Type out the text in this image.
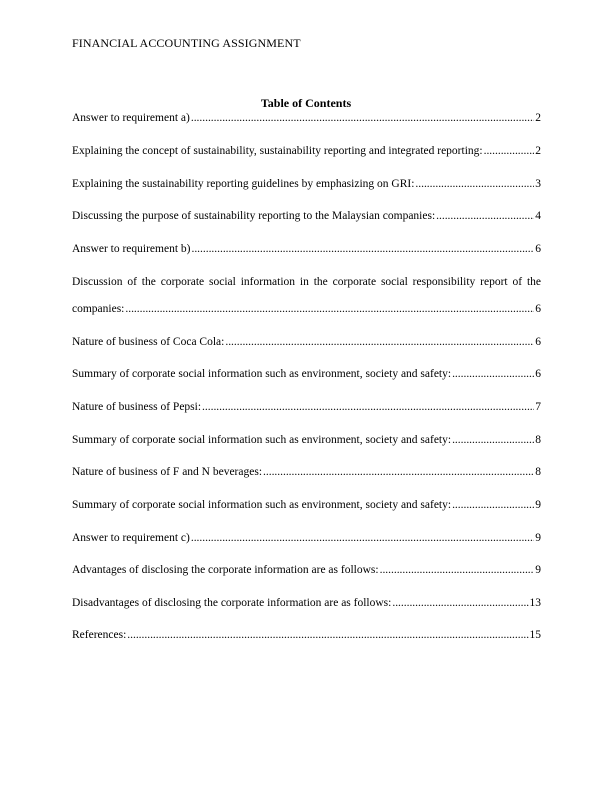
FINANCIAL ACCOUNTING ASSIGNMENT
Table of Contents
Answer to requirement a) . . .	2
Explaining the concept of sustainability, sustainability reporting and integrated reporting: . . .	2
Explaining the sustainability reporting guidelines by emphasizing on GRI: . . .	3
Discussing the purpose of sustainability reporting to the Malaysian companies: . . .	4
Answer to requirement b) . . .	6
Discussion of the corporate social information in the corporate social responsibility report of the
companies: . . .	6
Nature of business of Coca Cola: . . .	6
Summary of corporate social information such as environment, society and safety: . . .	6
Nature of business of Pepsi: . . .	7
Summary of corporate social information such as environment, society and safety: . . .	8
Nature of business of F and N beverages: . . .	8
Summary of corporate social information such as environment, society and safety: . . .	9
Answer to requirement c) . . .	9
Advantages of disclosing the corporate information are as follows: . . .	9
Disadvantages of disclosing the corporate information are as follows: . . .	13
References: . . .	15
